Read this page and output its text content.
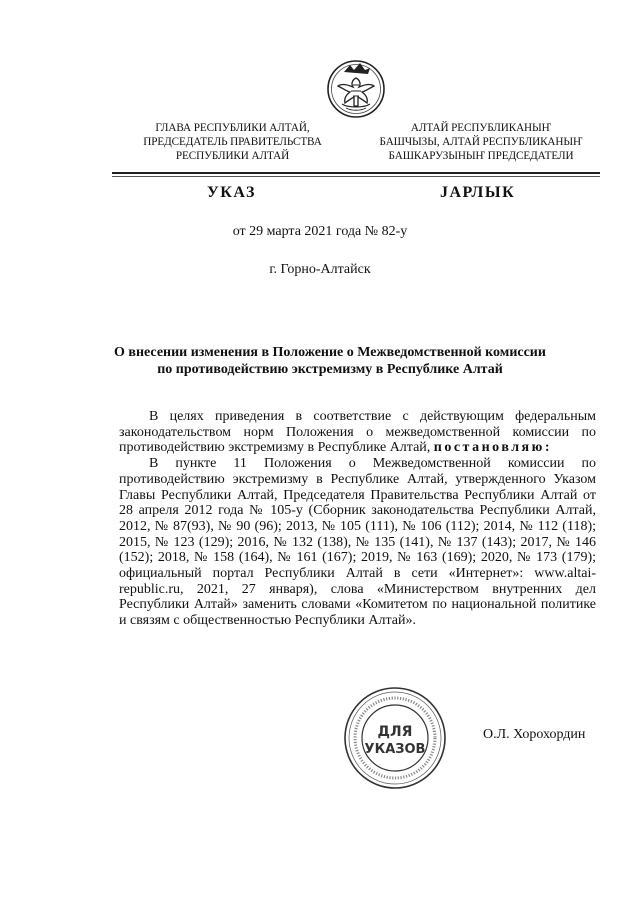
ГЛАВА РЕСПУБЛИКИ АЛТАЙ,
ПРЕДСЕДАТЕЛЬ ПРАВИТЕЛЬСТВА
РЕСПУБЛИКИ АЛТАЙ
АЛТАЙ РЕСПУБЛИКАНЫҤ
БАШЧЫЗЫ, АЛТАЙ РЕСПУБЛИКАНЫҤ
БАШКАРУЗЫНЫҤ ПРЕДСЕДАТЕЛИ
УКАЗ	JАРЛЫК
от 29 марта 2021 года № 82-у
г. Горно-Алтайск
О внесении изменения в Положение о Межведомственной комиссии
по противодействию экстремизму в Республике Алтай

В целях приведения в соответствие с действующим федеральным законодательством норм Положения о межведомственной комиссии по противодействию экстремизму в Республике Алтай, постановляю:

В пункте 11 Положения о Межведомственной комиссии по противодействию экстремизму в Республике Алтай, утвержденного Указом Главы Республики Алтай, Председателя Правительства Республики Алтай от 28 апреля 2012 года № 105-у (Сборник законодательства Республики Алтай, 2012, № 87(93), № 90 (96); 2013, № 105 (111), № 106 (112); 2014, № 112 (118); 2015, № 123 (129); 2016, № 132 (138), № 135 (141), № 137 (143); 2017, № 146 (152); 2018, № 158 (164), № 161 (167); 2019, № 163 (169); 2020, № 173 (179); официальный портал Республики Алтай в сети «Интернет»: www.altai-republic.ru, 2021, 27 января), слова «Министерством внутренних дел Республики Алтай» заменить словами «Комитетом по национальной политике и связям с общественностью Республики Алтай».

ДЛЯ
УКАЗОВ
О.Л. Хорохордин
